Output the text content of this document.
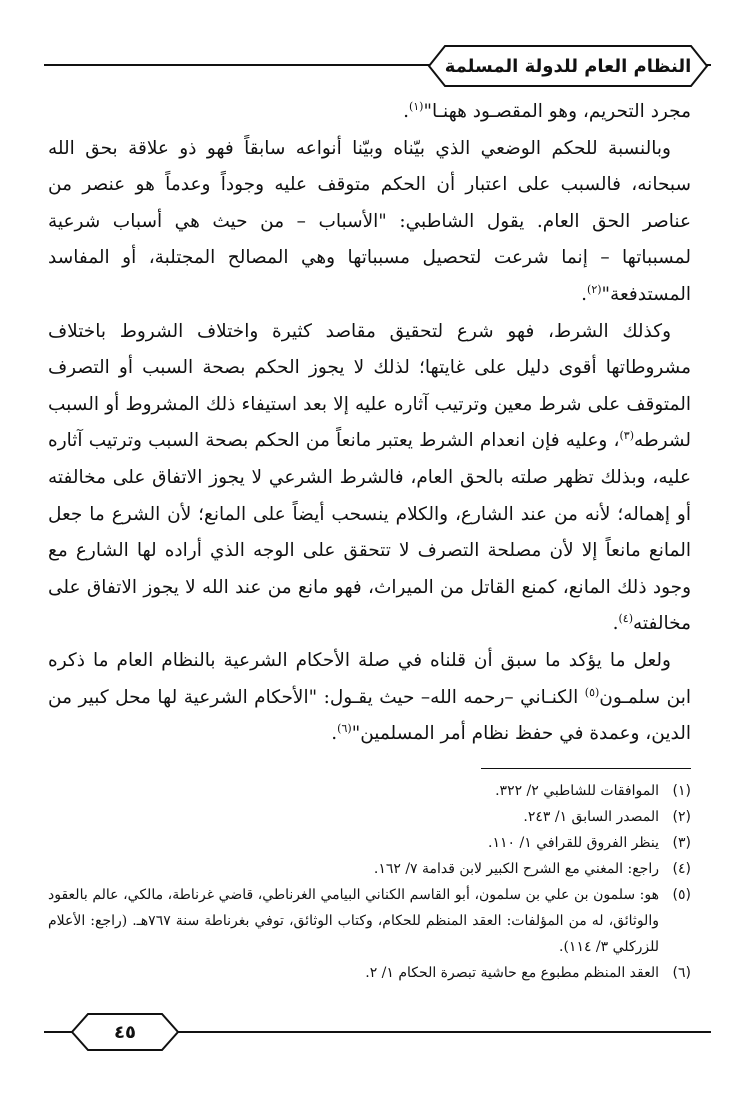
النظام العام للدولة المسلمة

مجرد التحريم، وهو المقصـود ههنـا"$^{(١)}$.

وبالنسبة للحكم الوضعي الذي بيّناه وبيّنا أنواعه سابقاً فهو ذو علاقة بحق الله سبحانه، فالسبب على اعتبار أن الحكم متوقف عليه وجوداً وعدماً هو عنصر من عناصر الحق العام. يقول الشاطبي: "الأسباب – من حيث هي أسباب شرعية لمسبباتها – إنما شرعت لتحصيل مسبباتها وهي المصالح المجتلبة، أو المفاسد المستدفعة"$^{(٢)}$.

وكذلك الشرط، فهو شرع لتحقيق مقاصد كثيرة واختلاف الشروط باختلاف مشروطاتها أقوى دليل على غايتها؛ لذلك لا يجوز الحكم بصحة السبب أو التصرف المتوقف على شرط معين وترتيب آثاره عليه إلا بعد استيفاء ذلك المشروط أو السبب لشرطه$^{(٣)}$، وعليه فإن انعدام الشرط يعتبر مانعاً من الحكم بصحة السبب وترتيب آثاره عليه، وبذلك تظهر صلته بالحق العام، فالشرط الشرعي لا يجوز الاتفاق على مخالفته أو إهماله؛ لأنه من عند الشارع، والكلام ينسحب أيضاً على المانع؛ لأن الشرع ما جعل المانع مانعاً إلا لأن مصلحة التصرف لا تتحقق على الوجه الذي أراده لها الشارع مع وجود ذلك المانع، كمنع القاتل من الميراث، فهو مانع من عند الله لا يجوز الاتفاق على مخالفته$^{(٤)}$.

ولعل ما يؤكد ما سبق أن قلناه في صلة الأحكام الشرعية بالنظام العام ما ذكره ابن سلمـون$^{(٥)}$ الكنـاني –رحمه الله– حيث يقـول: "الأحكام الشرعية لها محل كبير من الدين، وعمدة في حفظ نظام أمر المسلمين"$^{(٦)}$.

(١)
الموافقات للشاطبي ٢/ ٣٢٢.
(٢)
المصدر السابق ١/ ٢٤٣.
(٣)
ينظر الفروق للقرافي ١/ ١١٠.
(٤)
راجع: المغني مع الشرح الكبير لابن قدامة ٧/ ١٦٢.
(٥)
هو: سلمون بن علي بن سلمون، أبو القاسم الكناني البيامي الغرناطي، قاضي غرناطة، مالكي، عالم بالعقود والوثائق، له من المؤلفات: العقد المنظم للحكام، وكتاب الوثائق، توفي بغرناطة سنة ٧٦٧هـ. (راجع: الأعلام للزركلي ٣/ ١١٤).
(٦)
العقد المنظم مطبوع مع حاشية تبصرة الحكام ١/ ٢.
٤٥
